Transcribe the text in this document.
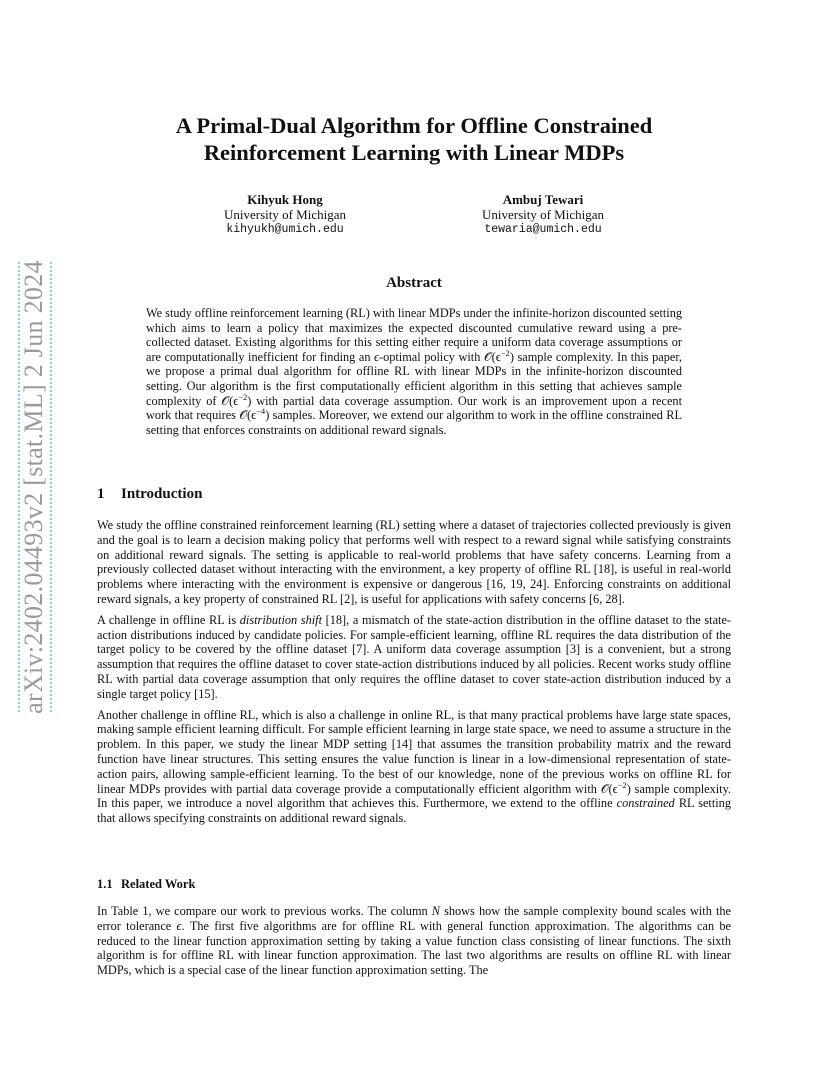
arXiv:2402.04493v2 [stat.ML] 2 Jun 2024
A Primal-Dual Algorithm for Offline Constrained
Reinforcement Learning with Linear MDPs
Kihyuk Hong
University of Michigan
kihyukh@umich.edu
Ambuj Tewari
University of Michigan
tewaria@umich.edu
Abstract
We study offline reinforcement learning (RL) with linear MDPs under the infinite-horizon discounted setting which aims to learn a policy that maximizes the expected discounted cumulative reward using a pre-collected dataset. Existing algorithms for this setting either require a uniform data coverage assumptions or are computationally inefficient for finding an ϵ-optimal policy with $𝒪(\epsilon^{-2})$ sample complexity. In this paper, we propose a primal dual algorithm for offline RL with linear MDPs in the infinite-horizon discounted setting. Our algorithm is the first computationally efficient algorithm in this setting that achieves sample complexity of $𝒪(\epsilon^{-2})$ with partial data coverage assumption. Our work is an improvement upon a recent work that requires $𝒪(\epsilon^{-4})$ samples. Moreover, we extend our algorithm to work in the offline constrained RL setting that enforces constraints on additional reward signals.
1 Introduction

We study the offline constrained reinforcement learning (RL) setting where a dataset of trajectories collected previously is given and the goal is to learn a decision making policy that performs well with respect to a reward signal while satisfying constraints on additional reward signals. The setting is applicable to real-world problems that have safety concerns. Learning from a previously collected dataset without interacting with the environment, a key property of offline RL [18], is useful in real-world problems where interacting with the environment is expensive or dangerous [16, 19, 24]. Enforcing constraints on additional reward signals, a key property of constrained RL [2], is useful for applications with safety concerns [6, 28].

A challenge in offline RL is distribution shift [18], a mismatch of the state-action distribution in the offline dataset to the state-action distributions induced by candidate policies. For sample-efficient learning, offline RL requires the data distribution of the target policy to be covered by the offline dataset [7]. A uniform data coverage assumption [3] is a convenient, but a strong assumption that requires the offline dataset to cover state-action distributions induced by all policies. Recent works study offline RL with partial data coverage assumption that only requires the offline dataset to cover state-action distribution induced by a single target policy [15].

Another challenge in offline RL, which is also a challenge in online RL, is that many practical problems have large state spaces, making sample efficient learning difficult. For sample efficient learning in large state space, we need to assume a structure in the problem. In this paper, we study the linear MDP setting [14] that assumes the transition probability matrix and the reward function have linear structures. This setting ensures the value function is linear in a low-dimensional representation of state-action pairs, allowing sample-efficient learning. To the best of our knowledge, none of the previous works on offline RL for linear MDPs provides with partial data coverage provide a computationally efficient algorithm with $𝒪(\epsilon^{-2})$ sample complexity. In this paper, we introduce a novel algorithm that achieves this. Furthermore, we extend to the offline constrained RL setting that allows specifying constraints on additional reward signals.

1.1 Related Work

In Table 1, we compare our work to previous works. The column N shows how the sample complexity bound scales with the error tolerance ϵ. The first five algorithms are for offline RL with general function approximation. The algorithms can be reduced to the linear function approximation setting by taking a value function class consisting of linear functions. The sixth algorithm is for offline RL with linear function approximation. The last two algorithms are results on offline RL with linear MDPs, which is a special case of the linear function approximation setting. The
